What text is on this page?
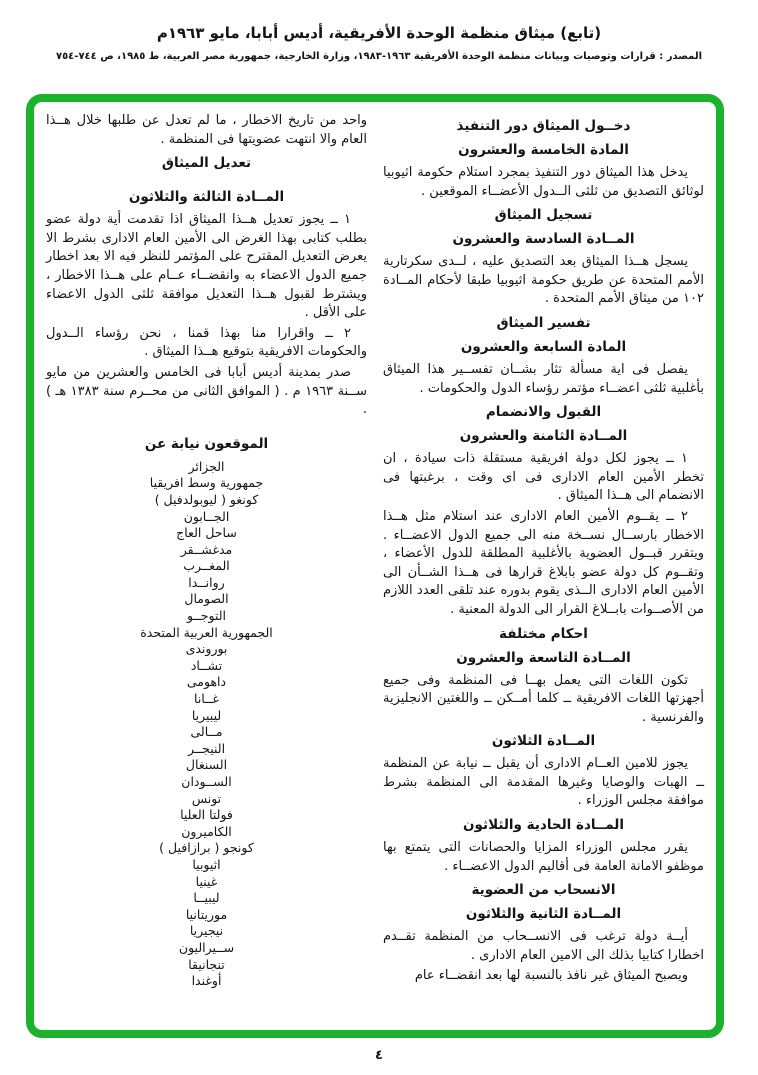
(تابع) ميثاق منظمة الوحدة الأفريقية، أديس أبابا، مايو ١٩٦٣م
المصدر : قرارات وتوصيات وبيانات منظمة الوحدة الأفريقية ١٩٦٣-١٩٨٣، وزارة الخارجية، جمهورية مصر العربية، ط ١٩٨٥، ص ٧٤٤-٧٥٤
دخــول الميثاق دور التنفيذ
المادة الخامسة والعشرون
يدخل هذا الميثاق دور التنفيذ بمجرد استلام حكومة اثيوبيا لوثائق التصديق من ثلثى الــدول الأعضــاء الموقعين .
تسجيل الميثاق
المــادة السادسة والعشرون
يسجل هــذا الميثاق بعد التصديق عليه ، لــدى سكرتارية الأمم المتحدة عن طريق حكومة اثيوبيا طبقا لأحكام المــادة ١٠٢ من ميثاق الأمم المتحدة .
تفسير الميثاق
المادة السابعة والعشرون
يفصل فى اية مسألة تثار بشــان تفســير هذا الميثاق بأغلبية ثلثى اعضــاء مؤتمر رؤساء الدول والحكومات .
القبول والانضمام
المــادة الثامنة والعشرون
١ ــ يجوز لكل دولة افريقية مستقلة ذات سيادة ، ان تخطر الأمين العام الادارى فى اى وقت ، برغبتها فى الانضمام الى هــذا الميثاق .
٢ ــ يقــوم الأمين العام الادارى عند استلام مثل هــذا الاخطار بارســال نســخة منه الى جميع الدول الاعضــاء . ويتقرر قبــول العضوية بالأغلبية المطلقة للدول الأعضاء ، وتقــوم كل دولة عضو بابلاغ قرارها فى هــذا الشــأن الى الأمين العام الادارى الــذى يقوم بدوره عند تلقى العدد اللازم من الأصــوات بابــلاغ القرار الى الدولة المعنية .
احكام مختلفة
المــادة التاسعة والعشرون
تكون اللغات التى يعمل بهــا فى المنظمة وفى جميع أجهزتها اللغات الافريقية ــ كلما أمــكن ــ واللغتين الانجليزية والفرنسية .
المــادة الثلاثون
يجوز للامين العــام الادارى أن يقبل ــ نيابة عن المنظمة ــ الهبات والوصايا وغيرها المقدمة الى المنظمة بشرط موافقة مجلس الوزراء .
المــادة الحادية والثلاثون
يقرر مجلس الوزراء المزايا والحصانات التى يتمتع بها موظفو الامانة العامة فى أقاليم الدول الاعضــاء .
الانسحاب من العضوية
المــادة الثانية والثلاثون
أيــة دولة ترغب فى الانســحاب من المنظمة تقــدم اخطارا كتابيا بذلك الى الامين العام الادارى .
ويصبح الميثاق غير نافذ بالنسبة لها بعد انقضــاء عام
واحد من تاريخ الاخطار ، ما لم تعدل عن طلبها خلال هــذا العام والا انتهت عضويتها فى المنظمة .
تعديل الميثاق
المــادة الثالثة والثلاثون
١ ــ يجوز تعديل هــذا الميثاق اذا تقدمت أية دولة عضو بطلب كتابى بهذا الغرض الى الأمين العام الادارى بشرط الا يعرض التعديل المقترح على المؤتمر للنظر فيه الا بعد اخطار جميع الدول الاعضاء به وانقضــاء عــام على هــذا الاخطار ، ويشترط لقبول هــذا التعديل موافقة ثلثى الدول الاعضاء على الأقل .
٢ ــ واقرارا منا بهذا قمنا ، نحن رؤساء الــدول والحكومات الافريقية بتوقيع هــذا الميثاق .
صدر بمدينة أديس أبابا فى الخامس والعشرين من مايو ســنة ١٩٦٣ م . ( الموافق الثانى من محــرم سنة ١٣٨٣ هـ ) .
الموقعون نيابة عن
الجزائر
جمهورية وسط افريقيا
كونغو ( ليوبولدفيل )
الجــابون
ساحل العاج
مدغشــقر
المغــرب
روانــدا
الصومال
التوجــو
الجمهورية العربية المتحدة
بوروندى
تشــاد
داهومى
غــانا
ليبيريا
مــالى
النيجــر
السنغال
الســودان
تونس
فولتا العليا
الكاميرون
كونجو ( برازافيل )
اثيوبيا
غينيا
ليبيــا
موريتانيا
نيجيريا
ســيراليون
تنجانيقا
أوغندا
٤
